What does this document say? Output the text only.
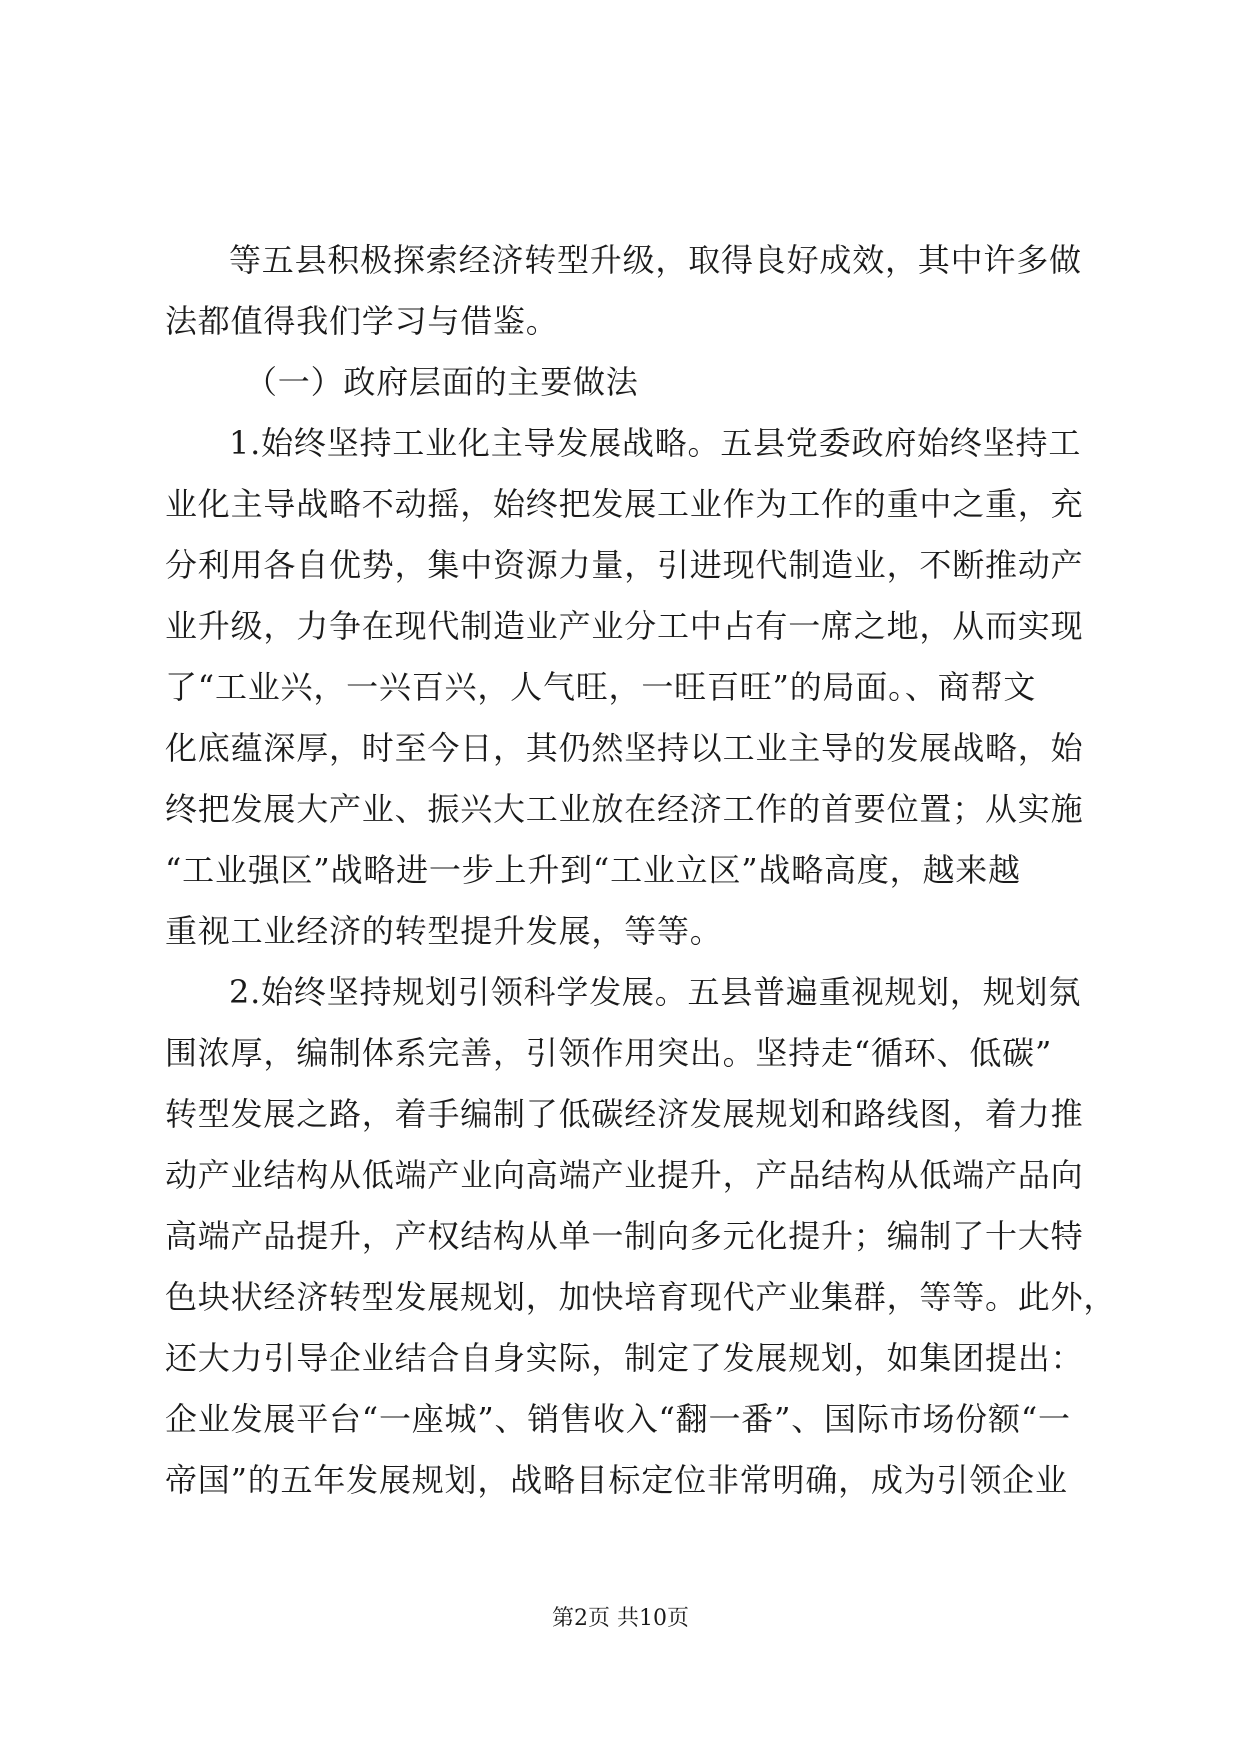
等五县积极探索经济转型升级，取得良好成效，其中许多做
法都值得我们学习与借鉴。
（一）政府层面的主要做法
1.始终坚持工业化主导发展战略。五县党委政府始终坚持工
业化主导战略不动摇，始终把发展工业作为工作的重中之重，充
分利用各自优势，集中资源力量，引进现代制造业，不断推动产
业升级，力争在现代制造业产业分工中占有一席之地，从而实现
了“工业兴，一兴百兴，人气旺，一旺百旺”的局面。、商帮文
化底蕴深厚，时至今日，其仍然坚持以工业主导的发展战略，始
终把发展大产业、振兴大工业放在经济工作的首要位置；从实施
“工业强区”战略进一步上升到“工业立区”战略高度，越来越
重视工业经济的转型提升发展，等等。
2.始终坚持规划引领科学发展。五县普遍重视规划，规划氛
围浓厚，编制体系完善，引领作用突出。坚持走“循环、低碳”
转型发展之路，着手编制了低碳经济发展规划和路线图，着力推
动产业结构从低端产业向高端产业提升，产品结构从低端产品向
高端产品提升，产权结构从单一制向多元化提升；编制了十大特
色块状经济转型发展规划，加快培育现代产业集群，等等。此外，
还大力引导企业结合自身实际，制定了发展规划，如集团提出：
企业发展平台“一座城”、销售收入“翻一番”、国际市场份额“一
帝国”的五年发展规划，战略目标定位非常明确，成为引领企业
第2页 共10页
